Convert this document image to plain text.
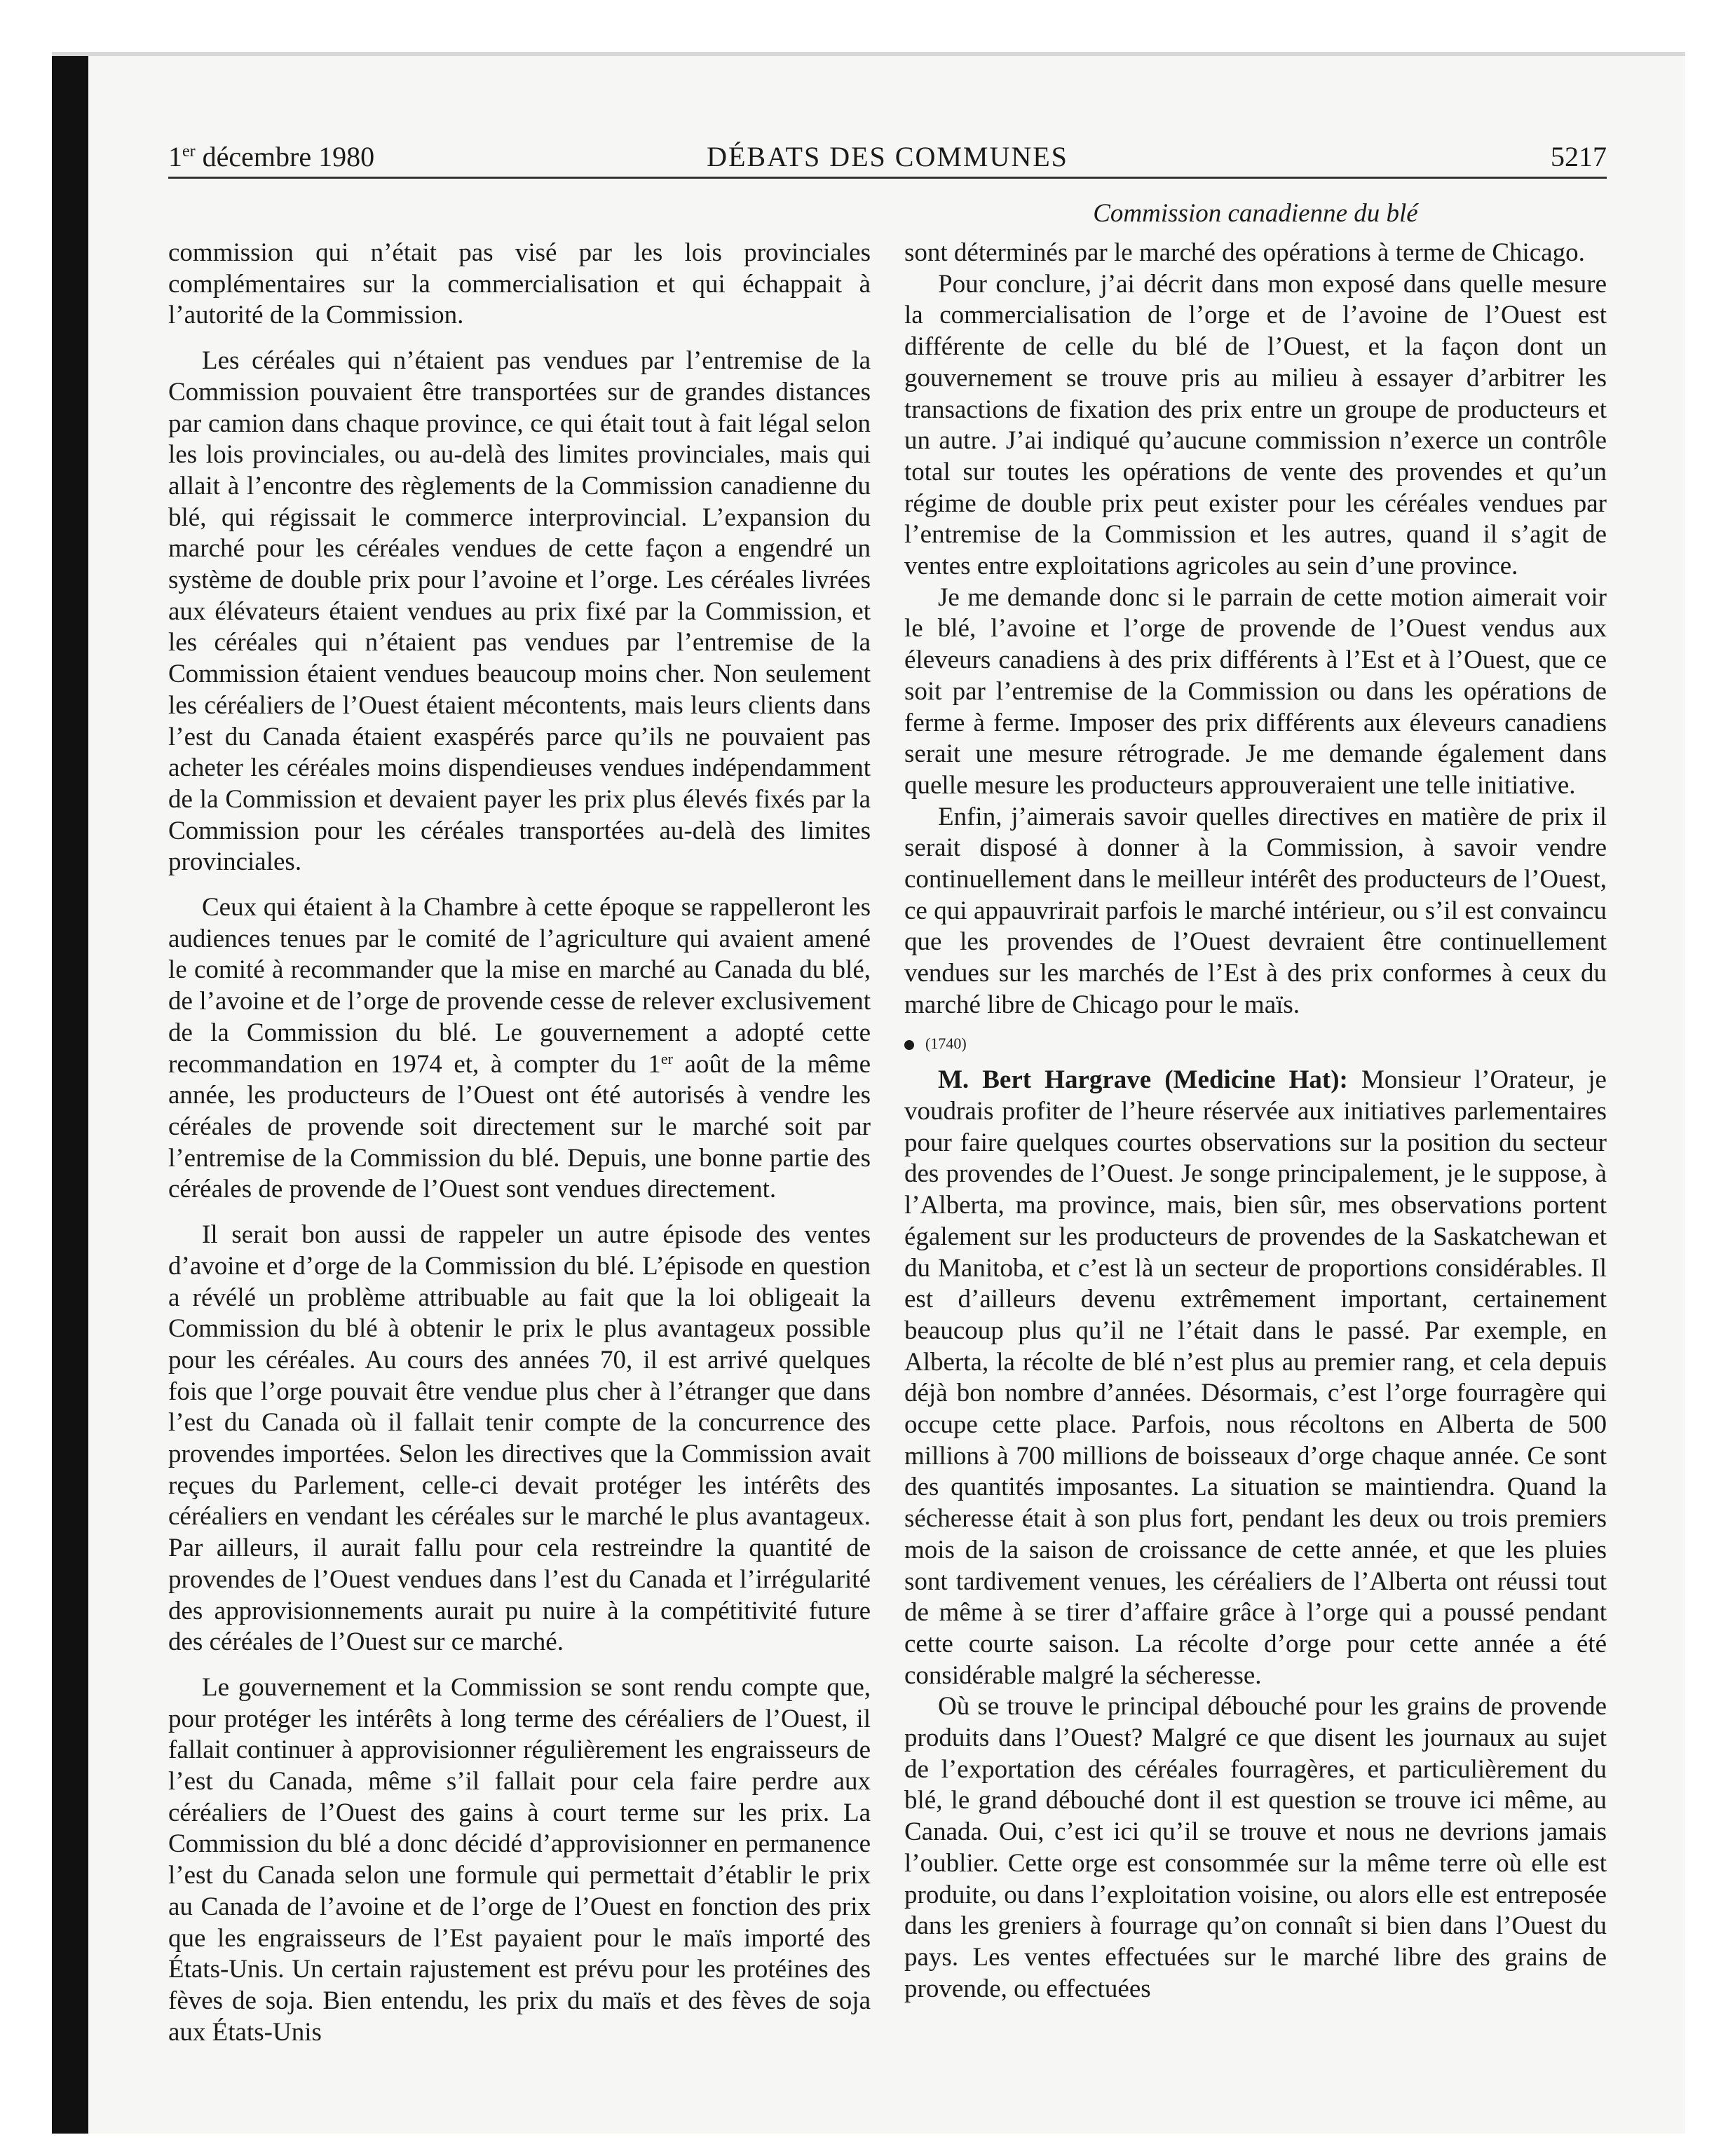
1er décembre 1980	DÉBATS DES COMMUNES	5217
Commission canadienne du blé

commission qui n’était pas visé par les lois provinciales complémentaires sur la commercialisation et qui échappait à l’autorité de la Commission.

Les céréales qui n’étaient pas vendues par l’entremise de la Commission pouvaient être transportées sur de grandes distances par camion dans chaque province, ce qui était tout à fait légal selon les lois provinciales, ou au-delà des limites provinciales, mais qui allait à l’encontre des règlements de la Commission canadienne du blé, qui régissait le commerce interprovincial. L’expansion du marché pour les céréales vendues de cette façon a engendré un système de double prix pour l’avoine et l’orge. Les céréales livrées aux élévateurs étaient vendues au prix fixé par la Commission, et les céréales qui n’étaient pas vendues par l’entremise de la Commission étaient vendues beaucoup moins cher. Non seulement les céréaliers de l’Ouest étaient mécontents, mais leurs clients dans l’est du Canada étaient exaspérés parce qu’ils ne pouvaient pas acheter les céréales moins dispendieuses vendues indépendamment de la Commission et devaient payer les prix plus élevés fixés par la Commission pour les céréales transportées au-delà des limites provinciales.

Ceux qui étaient à la Chambre à cette époque se rappelleront les audiences tenues par le comité de l’agriculture qui avaient amené le comité à recommander que la mise en marché au Canada du blé, de l’avoine et de l’orge de provende cesse de relever exclusivement de la Commission du blé. Le gouvernement a adopté cette recommandation en 1974 et, à compter du 1er août de la même année, les producteurs de l’Ouest ont été autorisés à vendre les céréales de provende soit directement sur le marché soit par l’entremise de la Commission du blé. Depuis, une bonne partie des céréales de provende de l’Ouest sont vendues directement.

Il serait bon aussi de rappeler un autre épisode des ventes d’avoine et d’orge de la Commission du blé. L’épisode en question a révélé un problème attribuable au fait que la loi obligeait la Commission du blé à obtenir le prix le plus avantageux possible pour les céréales. Au cours des années 70, il est arrivé quelques fois que l’orge pouvait être vendue plus cher à l’étranger que dans l’est du Canada où il fallait tenir compte de la concurrence des provendes importées. Selon les directives que la Commission avait reçues du Parlement, celle-ci devait protéger les intérêts des céréaliers en vendant les céréales sur le marché le plus avantageux. Par ailleurs, il aurait fallu pour cela restreindre la quantité de provendes de l’Ouest vendues dans l’est du Canada et l’irrégularité des approvisionnements aurait pu nuire à la compétitivité future des céréales de l’Ouest sur ce marché.

Le gouvernement et la Commission se sont rendu compte que, pour protéger les intérêts à long terme des céréaliers de l’Ouest, il fallait continuer à approvisionner régulièrement les engraisseurs de l’est du Canada, même s’il fallait pour cela faire perdre aux céréaliers de l’Ouest des gains à court terme sur les prix. La Commission du blé a donc décidé d’approvisionner en permanence l’est du Canada selon une formule qui permettait d’établir le prix au Canada de l’avoine et de l’orge de l’Ouest en fonction des prix que les engraisseurs de l’Est payaient pour le maïs importé des États-Unis. Un certain rajustement est prévu pour les protéines des fèves de soja. Bien entendu, les prix du maïs et des fèves de soja aux États-Unis

sont déterminés par le marché des opérations à terme de Chicago.

Pour conclure, j’ai décrit dans mon exposé dans quelle mesure la commercialisation de l’orge et de l’avoine de l’Ouest est différente de celle du blé de l’Ouest, et la façon dont un gouvernement se trouve pris au milieu à essayer d’arbitrer les transactions de fixation des prix entre un groupe de producteurs et un autre. J’ai indiqué qu’aucune commission n’exerce un contrôle total sur toutes les opérations de vente des provendes et qu’un régime de double prix peut exister pour les céréales vendues par l’entremise de la Commission et les autres, quand il s’agit de ventes entre exploitations agricoles au sein d’une province.

Je me demande donc si le parrain de cette motion aimerait voir le blé, l’avoine et l’orge de provende de l’Ouest vendus aux éleveurs canadiens à des prix différents à l’Est et à l’Ouest, que ce soit par l’entremise de la Commission ou dans les opérations de ferme à ferme. Imposer des prix différents aux éleveurs canadiens serait une mesure rétrograde. Je me demande également dans quelle mesure les producteurs approuveraient une telle initiative.

Enfin, j’aimerais savoir quelles directives en matière de prix il serait disposé à donner à la Commission, à savoir vendre continuellement dans le meilleur intérêt des producteurs de l’Ouest, ce qui appauvrirait parfois le marché intérieur, ou s’il est convaincu que les provendes de l’Ouest devraient être continuellement vendues sur les marchés de l’Est à des prix conformes à ceux du marché libre de Chicago pour le maïs.

(1740)

M. Bert Hargrave (Medicine Hat): Monsieur l’Orateur, je voudrais profiter de l’heure réservée aux initiatives parlementaires pour faire quelques courtes observations sur la position du secteur des provendes de l’Ouest. Je songe principalement, je le suppose, à l’Alberta, ma province, mais, bien sûr, mes observations portent également sur les producteurs de provendes de la Saskatchewan et du Manitoba, et c’est là un secteur de proportions considérables. Il est d’ailleurs devenu extrêmement important, certainement beaucoup plus qu’il ne l’était dans le passé. Par exemple, en Alberta, la récolte de blé n’est plus au premier rang, et cela depuis déjà bon nombre d’années. Désormais, c’est l’orge fourragère qui occupe cette place. Parfois, nous récoltons en Alberta de 500 millions à 700 millions de boisseaux d’orge chaque année. Ce sont des quantités imposantes. La situation se maintiendra. Quand la sécheresse était à son plus fort, pendant les deux ou trois premiers mois de la saison de croissance de cette année, et que les pluies sont tardivement venues, les céréaliers de l’Alberta ont réussi tout de même à se tirer d’affaire grâce à l’orge qui a poussé pendant cette courte saison. La récolte d’orge pour cette année a été considérable malgré la sécheresse.

Où se trouve le principal débouché pour les grains de provende produits dans l’Ouest? Malgré ce que disent les journaux au sujet de l’exportation des céréales fourragères, et particulièrement du blé, le grand débouché dont il est question se trouve ici même, au Canada. Oui, c’est ici qu’il se trouve et nous ne devrions jamais l’oublier. Cette orge est consommée sur la même terre où elle est produite, ou dans l’exploitation voisine, ou alors elle est entreposée dans les greniers à fourrage qu’on connaît si bien dans l’Ouest du pays. Les ventes effectuées sur le marché libre des grains de provende, ou effectuées
